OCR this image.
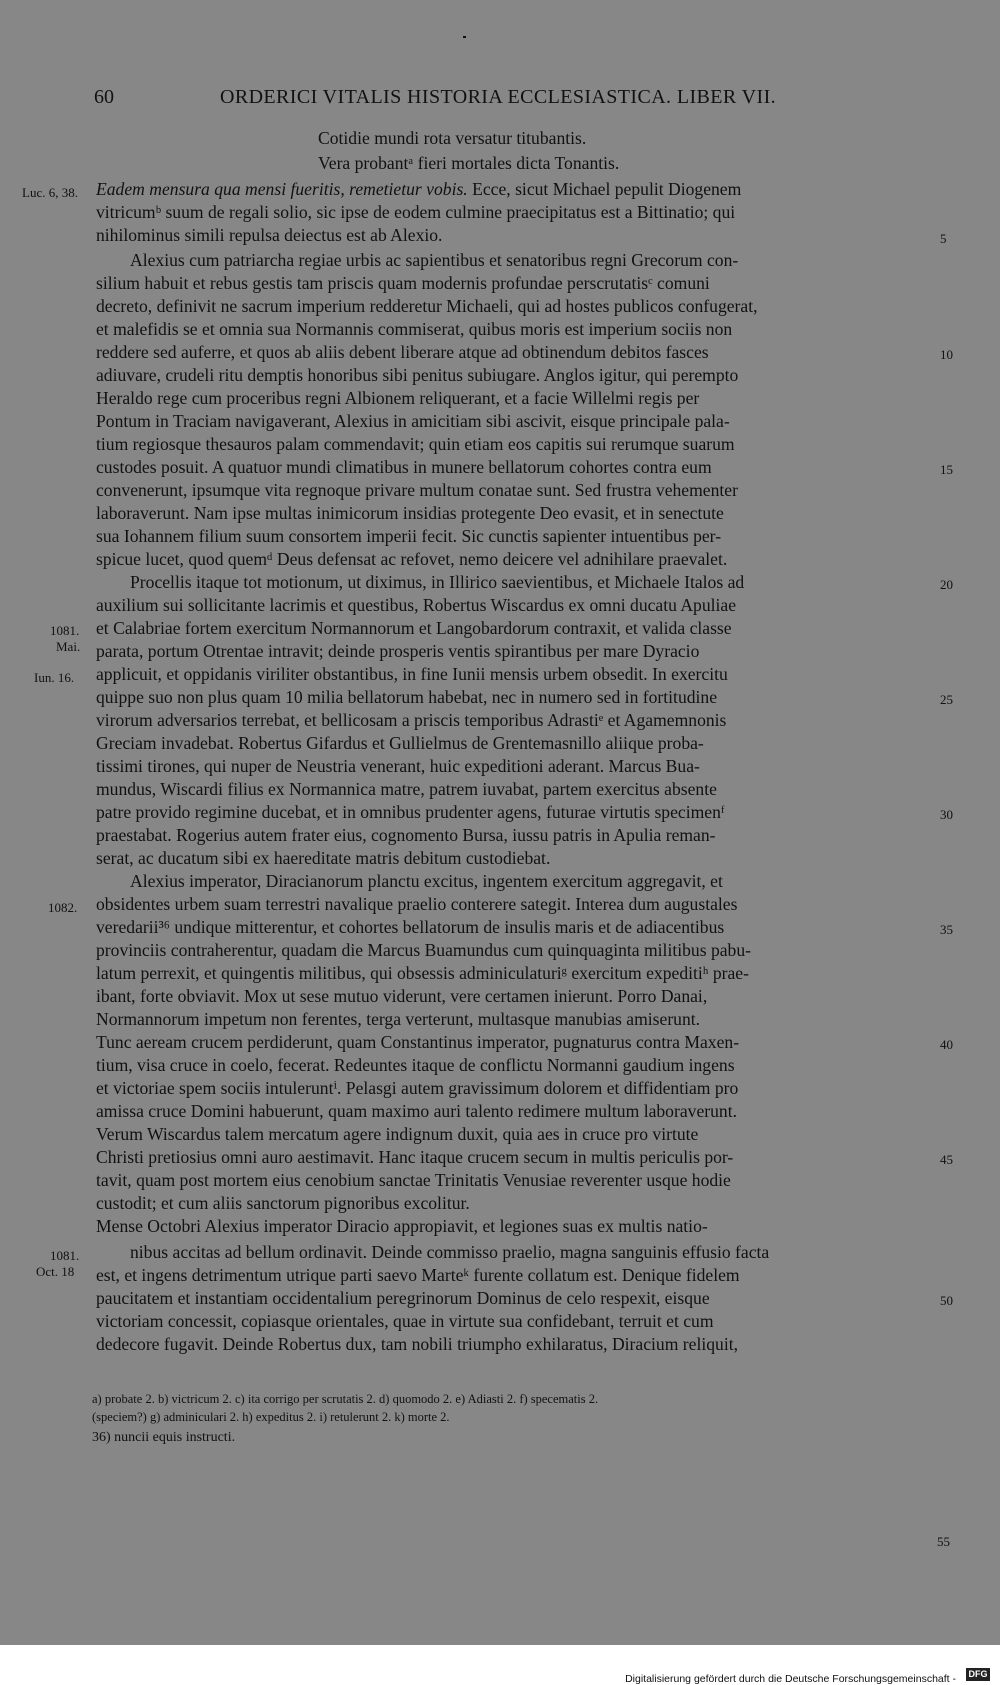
60	ORDERICI VITALIS HISTORIA ECCLESIASTICA. LIBER VII.
Cotidie mundi rota versatur titubantis.
Vera probantᵃ fieri mortales dicta Tonantis.
Eadem mensura qua mensi fueritis, remetietur vobis. Ecce, sicut Michael pepulit Diogenem
vitricumᵇ suum de regali solio, sic ipse de eodem culmine praecipitatus est a Bittinatio; qui
nihilominus simili repulsa deiectus est ab Alexio.
Alexius cum patriarcha regiae urbis ac sapientibus et senatoribus regni Grecorum con-
silium habuit et rebus gestis tam priscis quam modernis profundae perscrutatisᶜ comuni
decreto, definivit ne sacrum imperium redderetur Michaeli, qui ad hostes publicos confugerat,
et malefidis se et omnia sua Normannis commiserat, quibus moris est imperium sociis non
reddere sed auferre, et quos ab aliis debent liberare atque ad obtinendum debitos fasces
adiuvare, crudeli ritu demptis honoribus sibi penitus subiugare. Anglos igitur, qui perempto
Heraldo rege cum proceribus regni Albionem reliquerant, et a facie Willelmi regis per
Pontum in Traciam navigaverant, Alexius in amicitiam sibi ascivit, eisque principale pala-
tium regiosque thesauros palam commendavit; quin etiam eos capitis sui rerumque suarum
custodes posuit. A quatuor mundi climatibus in munere bellatorum cohortes contra eum
convenerunt, ipsumque vita regnoque privare multum conatae sunt. Sed frustra vehementer
laboraverunt. Nam ipse multas inimicorum insidias protegente Deo evasit, et in senectute
sua Iohannem filium suum consortem imperii fecit. Sic cunctis sapienter intuentibus per-
spicue lucet, quod quemᵈ Deus defensat ac refovet, nemo deicere vel adnihilare praevalet.
Procellis itaque tot motionum, ut diximus, in Illirico saevientibus, et Michaele Italos ad
auxilium sui sollicitante lacrimis et questibus, Robertus Wiscardus ex omni ducatu Apuliae
et Calabriae fortem exercitum Normannorum et Langobardorum contraxit, et valida classe
parata, portum Otrentae intravit; deinde prosperis ventis spirantibus per mare Dyracio
applicuit, et oppidanis viriliter obstantibus, in fine Iunii mensis urbem obsedit. In exercitu
quippe suo non plus quam 10 milia bellatorum habebat, nec in numero sed in fortitudine
virorum adversarios terrebat, et bellicosam a priscis temporibus Adrastiᵉ et Agamemnonis
Greciam invadebat. Robertus Gifardus et Gullielmus de Grentemasnillo aliique proba-
tissimi tirones, qui nuper de Neustria venerant, huic expeditioni aderant. Marcus Bua-
mundus, Wiscardi filius ex Normannica matre, patrem iuvabat, partem exercitus absente
patre provido regimine ducebat, et in omnibus prudenter agens, futurae virtutis specimenᶠ
praestabat. Rogerius autem frater eius, cognomento Bursa, iussu patris in Apulia reman-
serat, ac ducatum sibi ex haereditate matris debitum custodiebat.
Alexius imperator, Diracianorum planctu excitus, ingentem exercitum aggregavit, et
obsidentes urbem suam terrestri navalique praelio conterere sategit. Interea dum augustales
veredarii³⁶ undique mitterentur, et cohortes bellatorum de insulis maris et de adiacentibus
provinciis contraherentur, quadam die Marcus Buamundus cum quinquaginta militibus pabu-
latum perrexit, et quingentis militibus, qui obsessis adminiculaturiᵍ exercitum expeditiʰ prae-
ibant, forte obviavit. Mox ut sese mutuo viderunt, vere certamen inierunt. Porro Danai,
Normannorum impetum non ferentes, terga verterunt, multasque manubias amiserunt.
Tunc aeream crucem perdiderunt, quam Constantinus imperator, pugnaturus contra Maxen-
tium, visa cruce in coelo, fecerat. Redeuntes itaque de conflictu Normanni gaudium ingens
et victoriae spem sociis intuleruntⁱ. Pelasgi autem gravissimum dolorem et diffidentiam pro
amissa cruce Domini habuerunt, quam maximo auri talento redimere multum laboraverunt.
Verum Wiscardus talem mercatum agere indignum duxit, quia aes in cruce pro virtute
Christi pretiosius omni auro aestimavit. Hanc itaque crucem secum in multis periculis por-
tavit, quam post mortem eius cenobium sanctae Trinitatis Venusiae reverenter usque hodie
custodit; et cum aliis sanctorum pignoribus excolitur.
Mense Octobri Alexius imperator Diracio appropiavit, et legiones suas ex multis natio-
nibus accitas ad bellum ordinavit. Deinde commisso praelio, magna sanguinis effusio facta
est, et ingens detrimentum utrique parti saevo Marteᵏ furente collatum est. Denique fidelem
paucitatem et instantiam occidentalium peregrinorum Dominus de celo respexit, eisque
victoriam concessit, copiasque orientales, quae in virtute sua confidebant, terruit et cum
dedecore fugavit. Deinde Robertus dux, tam nobili triumpho exhilaratus, Diracium reliquit,
Luc. 6, 38.
1081.
Mai.
Iun. 16.
1082.
1081.
Oct. 18
5
10
15
20
25
30
35
40
45
50
55
a) probate 2. b) victricum 2. c) ita corrigo per scrutatis 2. d) quomodo 2. e) Adiasti 2. f) specematis 2.
(speciem?) g) adminiculari 2. h) expeditus 2. i) retulerunt 2. k) morte 2.
36) nuncii equis instructi.
Digitalisierung gefördert durch die Deutsche Forschungsgemeinschaft - DFG
